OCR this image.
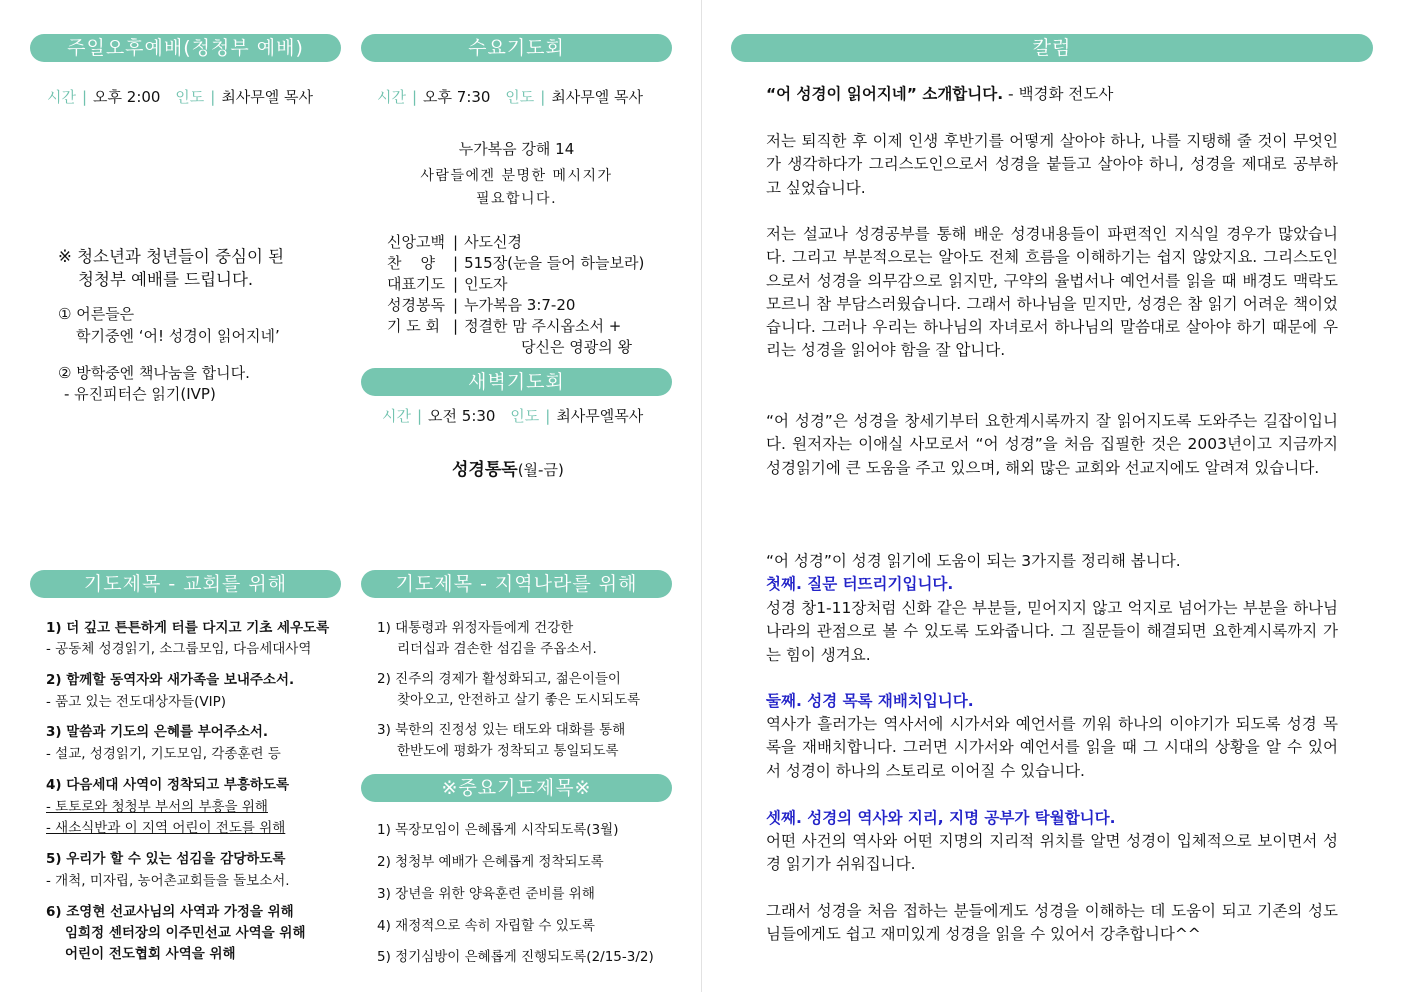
주일오후예배(청청부 예배)
시간 | 오후 2:00 인도 | 최사무엘 목사
※ 청소년과 청년들이 중심이 된
청청부 예배를 드립니다.
① 어른들은
학기중엔 ‘어! 성경이 읽어지네’
② 방학중엔 책나눔을 합니다.
- 유진피터슨 읽기(IVP)
수요기도회
시간 | 오후 7:30 인도 | 최사무엘 목사
누가복음 강해 14
사람들에겐 분명한 메시지가
필요합니다.
신앙고백 | 사도신경
찬    양 | 515장(눈을 들어 하늘보라)
대표기도 | 인도자
성경봉독 | 누가복음 3:7-20
기 도 회 | 정결한 맘 주시옵소서 +
당신은 영광의 왕
새벽기도회
시간 | 오전 5:30 인도 | 최사무엘목사
성경통독(월-금)
기도제목 - 교회를 위해
1) 더 깊고 튼튼하게 터를 다지고 기초 세우도록
- 공동체 성경읽기, 소그룹모임, 다음세대사역
2) 함께할 동역자와 새가족을 보내주소서.
- 품고 있는 전도대상자들(VIP)
3) 말씀과 기도의 은혜를 부어주소서.
- 설교, 성경읽기, 기도모임, 각종훈련 등
4) 다음세대 사역이 정착되고 부흥하도록
- 토토로와 청청부 부서의 부흥을 위해
- 새소식반과 이 지역 어린이 전도를 위해
5) 우리가 할 수 있는 섬김을 감당하도록
- 개척, 미자립, 농어촌교회들을 돌보소서.
6) 조영현 선교사님의 사역과 가정을 위해
임희정 센터장의 이주민선교 사역을 위해
어린이 전도협회 사역을 위해
기도제목 - 지역나라를 위해
1) 대통령과 위정자들에게 건강한
리더십과 겸손한 섬김을 주옵소서.
2) 진주의 경제가 활성화되고, 젊은이들이
찾아오고, 안전하고 살기 좋은 도시되도록
3) 북한의 진정성 있는 태도와 대화를 통해
한반도에 평화가 정착되고 통일되도록
※중요기도제목※
1) 목장모임이 은혜롭게 시작되도록(3월)
2) 청청부 예배가 은혜롭게 정착되도록
3) 장년을 위한 양육훈련 준비를 위해
4) 재정적으로 속히 자립할 수 있도록
5) 정기심방이 은혜롭게 진행되도록(2/15-3/2)
칼럼
“어 성경이 읽어지네” 소개합니다. - 백경화 전도사

저는 퇴직한 후 이제 인생 후반기를 어떻게 살아야 하나, 나를 지탱해 줄 것이 무엇인가 생각하다가 그리스도인으로서 성경을 붙들고 살아야 하니, 성경을 제대로 공부하고 싶었습니다.

저는 설교나 성경공부를 통해 배운 성경내용들이 파편적인 지식일 경우가 많았습니다. 그리고 부분적으로는 알아도 전체 흐름을 이해하기는 쉽지 않았지요. 그리스도인으로서 성경을 의무감으로 읽지만, 구약의 율법서나 예언서를 읽을 때 배경도 맥락도 모르니 참 부담스러웠습니다. 그래서 하나님을 믿지만, 성경은 참 읽기 어려운 책이었습니다. 그러나 우리는 하나님의 자녀로서 하나님의 말씀대로 살아야 하기 때문에 우리는 성경을 읽어야 함을 잘 압니다.

“어 성경”은 성경을 창세기부터 요한계시록까지 잘 읽어지도록 도와주는 길잡이입니다. 원저자는 이애실 사모로서 “어 성경”을 처음 집필한 것은 2003년이고 지금까지 성경읽기에 큰 도움을 주고 있으며, 해외 많은 교회와 선교지에도 알려져 있습니다.

“어 성경”이 성경 읽기에 도움이 되는 3가지를 정리해 봅니다.

첫째. 질문 터뜨리기입니다.

성경 창1-11장처럼 신화 같은 부분들, 믿어지지 않고 억지로 넘어가는 부분을 하나님 나라의 관점으로 볼 수 있도록 도와줍니다. 그 질문들이 해결되면 요한계시록까지 가는 힘이 생겨요.

둘째. 성경 목록 재배치입니다.

역사가 흘러가는 역사서에 시가서와 예언서를 끼워 하나의 이야기가 되도록 성경 목록을 재배치합니다. 그러면 시가서와 예언서를 읽을 때 그 시대의 상황을 알 수 있어서 성경이 하나의 스토리로 이어질 수 있습니다.

셋째. 성경의 역사와 지리, 지명 공부가 탁월합니다.

어떤 사건의 역사와 어떤 지명의 지리적 위치를 알면 성경이 입체적으로 보이면서 성경 읽기가 쉬워집니다.

그래서 성경을 처음 접하는 분들에게도 성경을 이해하는 데 도움이 되고 기존의 성도님들에게도 쉽고 재미있게 성경을 읽을 수 있어서 강추합니다^^
